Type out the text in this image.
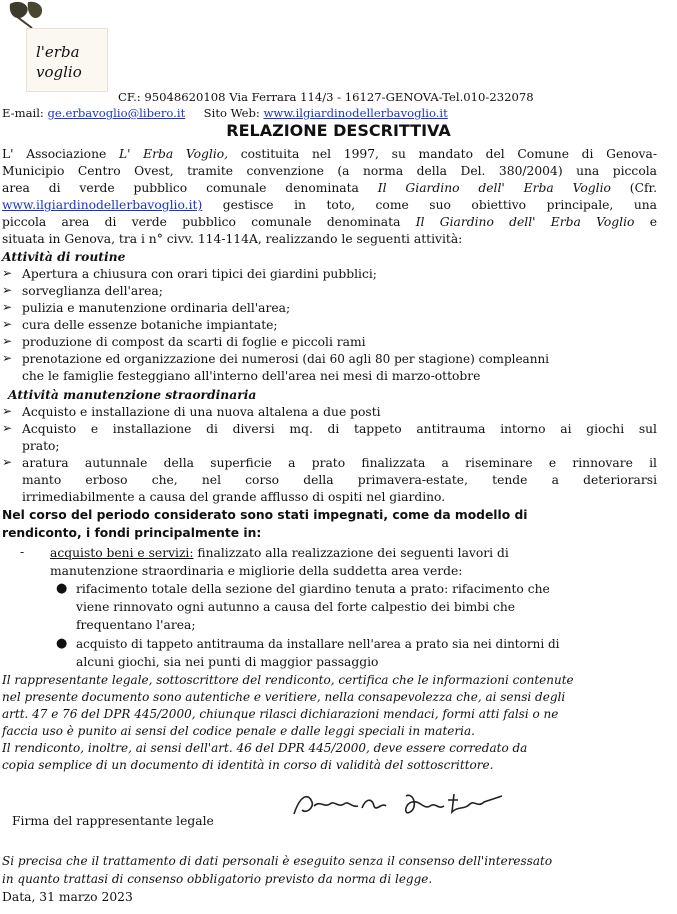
l'erba
voglio
CF.: 95048620108 Via Ferrara 114/3 - 16127-GENOVA-Tel.010-232078
E-mail: ge.erbavoglio@libero.it Sito Web: www.ilgiardinodellerbavoglio.it
RELAZIONE DESCRITTIVA
L' Associazione L' Erba Voglio, costituita nel 1997, su mandato del Comune di Genova-
Municipio Centro Ovest, tramite convenzione (a norma della Del. 380/2004) una piccola
area di verde pubblico comunale denominata Il Giardino dell' Erba Voglio (Cfr.
www.ilgiardinodellerbavoglio.it) gestisce in toto, come suo obiettivo principale, una
piccola area di verde pubblico comunale denominata Il Giardino dell' Erba Voglio e
situata in Genova, tra i n° civv. 114-114A, realizzando le seguenti attività:
Attività di routine
➢ Apertura a chiusura con orari tipici dei giardini pubblici;
➢ sorveglianza dell'area;
➢ pulizia e manutenzione ordinaria dell'area;
➢ cura delle essenze botaniche impiantate;
➢ produzione di compost da scarti di foglie e piccoli rami
➢ prenotazione ed organizzazione dei numerosi (dai 60 agli 80 per stagione) compleanni
che le famiglie festeggiano all'interno dell'area nei mesi di marzo-ottobre
Attività manutenzione straordinaria
➢ Acquisto e installazione di una nuova altalena a due posti
➢ Acquisto e installazione di diversi mq. di tappeto antitrauma intorno ai giochi sul
prato;
➢ aratura autunnale della superficie a prato finalizzata a riseminare e rinnovare il
manto erboso che, nel corso della primavera-estate, tende a deteriorarsi
irrimediabilmente a causa del grande afflusso di ospiti nel giardino.
Nel corso del periodo considerato sono stati impegnati, come da modello di
rendiconto, i fondi principalmente in:
- acquisto beni e servizi: finalizzato alla realizzazione dei seguenti lavori di
manutenzione straordinaria e migliorie della suddetta area verde:
● rifacimento totale della sezione del giardino tenuta a prato: rifacimento che
viene rinnovato ogni autunno a causa del forte calpestio dei bimbi che
frequentano l'area;
● acquisto di tappeto antitrauma da installare nell'area a prato sia nei dintorni di
alcuni giochi, sia nei punti di maggior passaggio
Il rappresentante legale, sottoscrittore del rendiconto, certifica che le informazioni contenute
nel presente documento sono autentiche e veritiere, nella consapevolezza che, ai sensi degli
artt. 47 e 76 del DPR 445/2000, chiunque rilasci dichiarazioni mendaci, formi atti falsi o ne
faccia uso è punito ai sensi del codice penale e dalle leggi speciali in materia.
Il rendiconto, inoltre, ai sensi dell'art. 46 del DPR 445/2000, deve essere corredato da
copia semplice di un documento di identità in corso di validità del sottoscrittore.
Firma del rappresentante legale
Si precisa che il trattamento di dati personali è eseguito senza il consenso dell'interessato
in quanto trattasi di consenso obbligatorio previsto da norma di legge.
Data, 31 marzo 2023
